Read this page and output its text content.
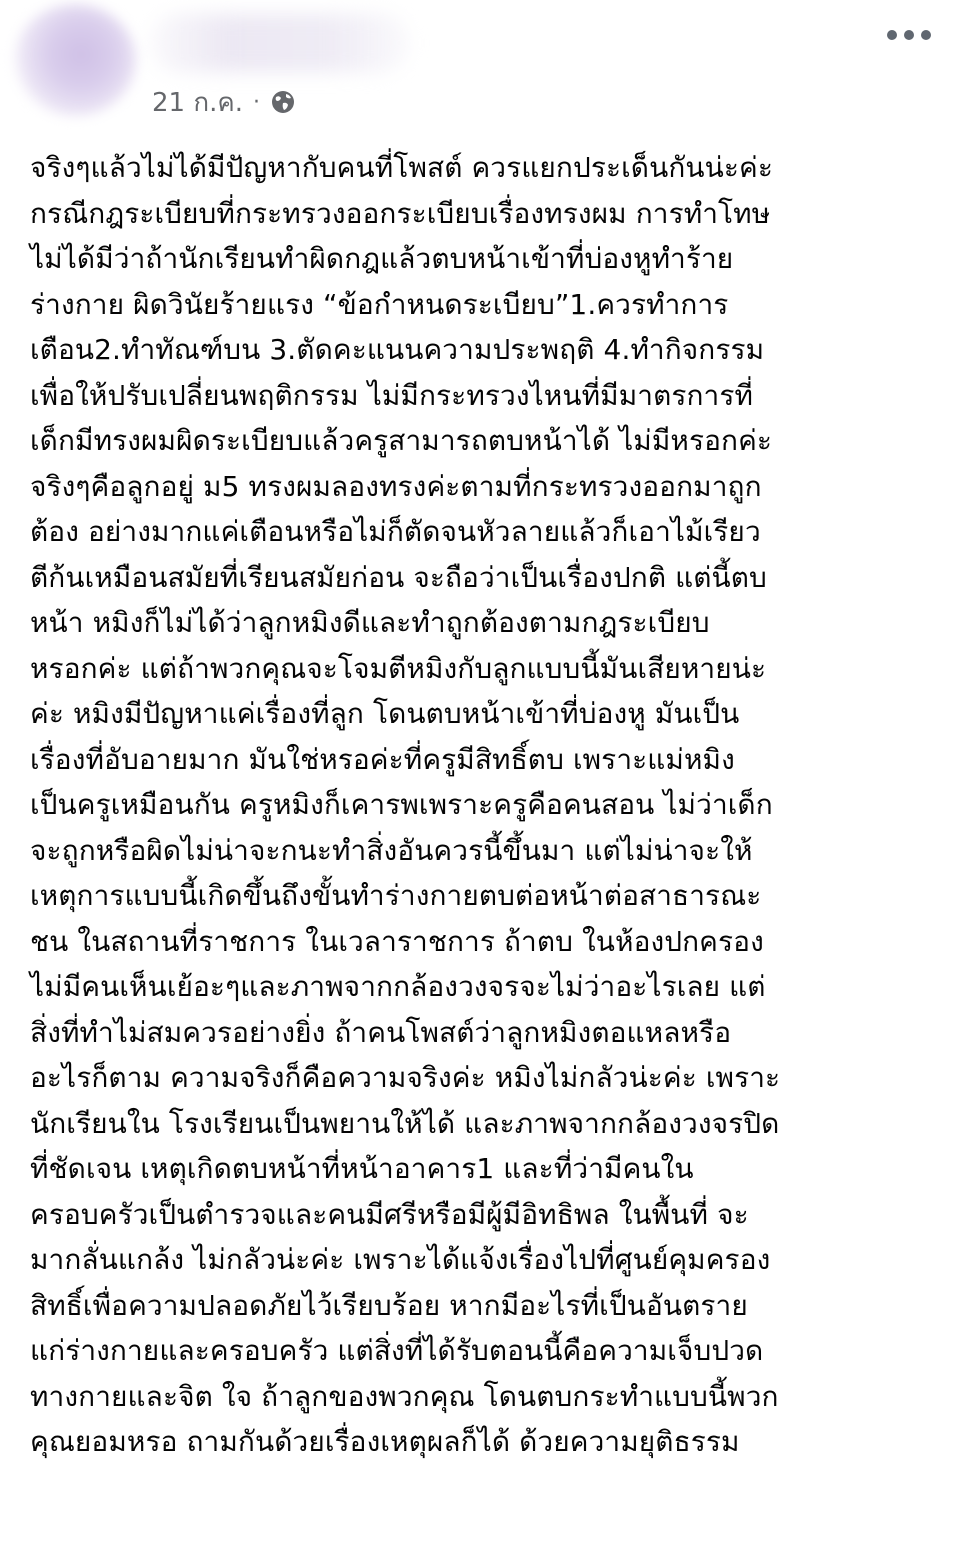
21 ก.ค. ·
จริงๆแล้วไม่ได้มีปัญหากับคนที่โพสต์ ควรแยกประเด็นกันน่ะค่ะ
กรณีกฎระเบียบที่กระทรวงออกระเบียบเรื่องทรงผม การทำโทษ
ไม่ได้มีว่าถ้านักเรียนทำผิดกฎแล้วตบหน้าเข้าที่บ่องหูทำร้าย
ร่างกาย ผิดวินัยร้ายแรง “ข้อกำหนดระเบียบ”1.ควรทำการ
เตือน2.ทำทัณฑ์บน 3.ตัดคะแนนความประพฤติ 4.ทำกิจกรรม
เพื่อให้ปรับเปลี่ยนพฤติกรรม ไม่มีกระทรวงไหนที่มีมาตรการที่
เด็กมีทรงผมผิดระเบียบแล้วครูสามารถตบหน้าได้ ไม่มีหรอกค่ะ
จริงๆคือลูกอยู่ ม5 ทรงผมลองทรงค่ะตามที่กระทรวงออกมาถูก
ต้อง อย่างมากแค่เตือนหรือไม่ก็ตัดจนหัวลายแล้วก็เอาไม้เรียว
ตีก้นเหมือนสมัยที่เรียนสมัยก่อน จะถือว่าเป็นเรื่องปกติ แต่นี้ตบ
หน้า หมิงก็ไม่ได้ว่าลูกหมิงดีและทำถูกต้องตามกฎระเบียบ
หรอกค่ะ แต่ถ้าพวกคุณจะโจมตีหมิงกับลูกแบบนี้มันเสียหายน่ะ
ค่ะ หมิงมีปัญหาแค่เรื่องที่ลูก โดนตบหน้าเข้าที่บ่องหู มันเป็น
เรื่องที่อับอายมาก มันใช่หรอค่ะที่ครูมีสิทธิ์ตบ เพราะแม่หมิง
เป็นครูเหมือนกัน ครูหมิงก็เคารพเพราะครูคือคนสอน ไม่ว่าเด็ก
จะถูกหรือผิดไม่น่าจะกนะทำสิ่งอันควรนี้ขึ้นมา แต่ไม่น่าจะให้
เหตุการแบบนี้เกิดขึ้นถึงขั้นทำร่างกายตบต่อหน้าต่อสาธารณะ
ชน ในสถานที่ราชการ ในเวลาราชการ ถ้าตบ ในห้องปกครอง
ไม่มีคนเห็นเย้อะๆและภาพจากกล้องวงจรจะไม่ว่าอะไรเลย แต่
สิ่งที่ทำไม่สมควรอย่างยิ่ง ถ้าคนโพสต์ว่าลูกหมิงตอแหลหรือ
อะไรก็ตาม ความจริงก็คือความจริงค่ะ หมิงไม่กลัวน่ะค่ะ เพราะ
นักเรียนใน โรงเรียนเป็นพยานให้ได้ และภาพจากกล้องวงจรปิด
ที่ชัดเจน เหตุเกิดตบหน้าที่หน้าอาคาร1 และที่ว่ามีคนใน
ครอบครัวเป็นตำรวจและคนมีศรีหรือมีผู้มีอิทธิพล ในพื้นที่ จะ
มากลั่นแกล้ง ไม่กลัวน่ะค่ะ เพราะได้แจ้งเรื่องไปที่ศูนย์คุมครอง
สิทธิ์เพื่อความปลอดภัยไว้เรียบร้อย หากมีอะไรที่เป็นอันตราย
แก่ร่างกายและครอบครัว แต่สิ่งที่ได้รับตอนนี้คือความเจ็บปวด
ทางกายและจิต ใจ ถ้าลูกของพวกคุณ โดนตบกระทำแบบนี้พวก
คุณยอมหรอ ถามกันด้วยเรื่องเหตุผลก็ได้ ด้วยความยุติธรรม
